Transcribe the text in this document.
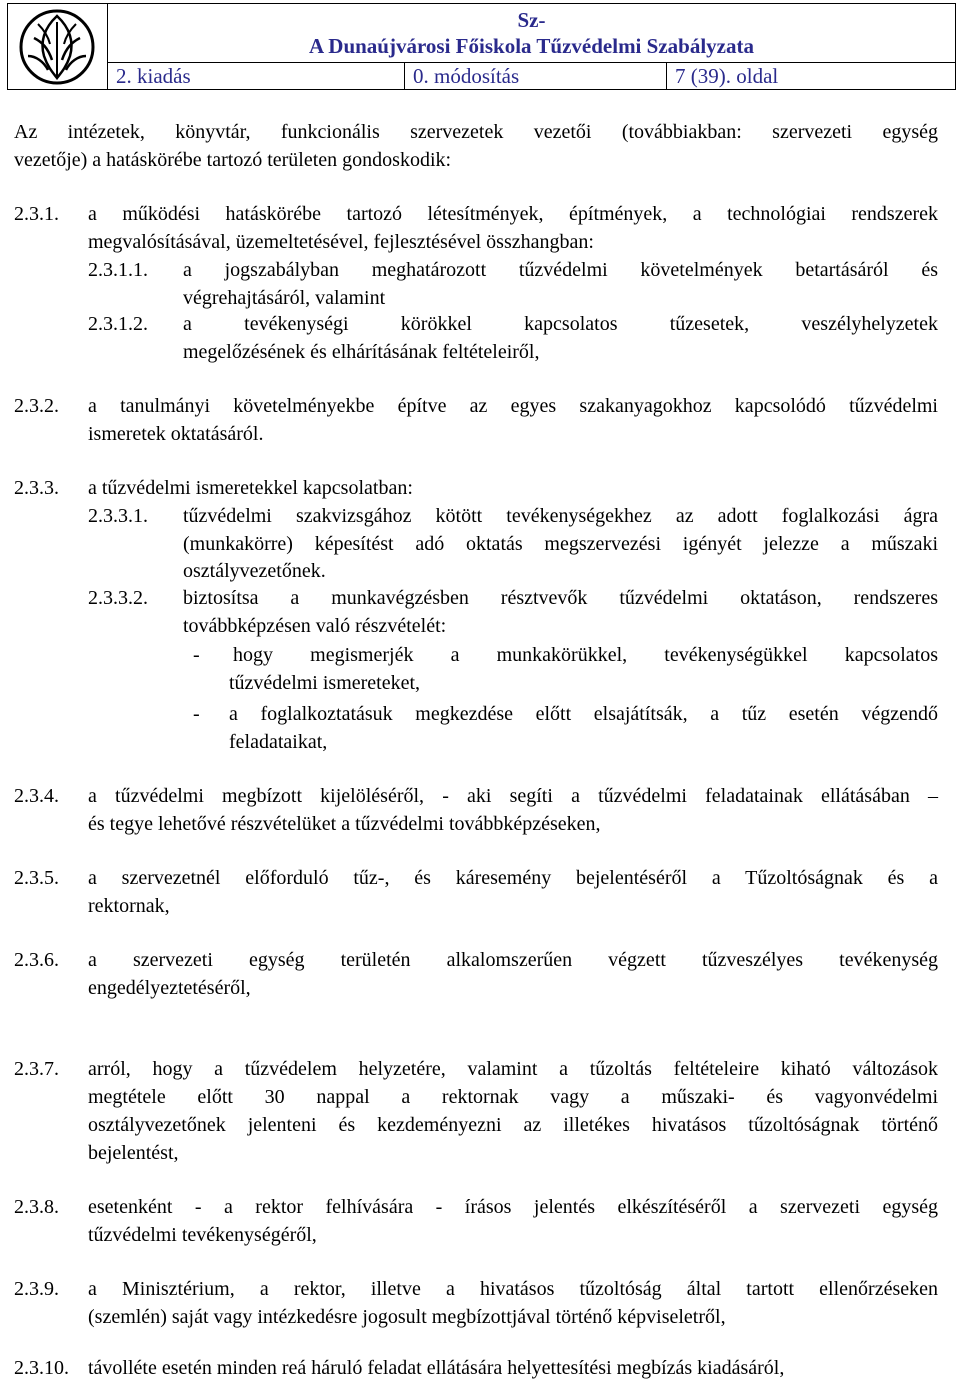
Sz-
A Dunaújvárosi Főiskola Tűzvédelmi Szabályzata
2. kiadás	0. módosítás	7 (39). oldal
Az intézetek, könyvtár, funkcionális szervezetek vezetői (továbbiakban: szervezeti egység
vezetője) a hatáskörébe tartozó területen gondoskodik:
2.3.1. a működési hatáskörébe tartozó létesítmények, építmények, a technológiai rendszerek
megvalósításával, üzemeltetésével, fejlesztésével összhangban:
2.3.1.1. a jogszabályban meghatározott tűzvédelmi követelmények betartásáról és
végrehajtásáról, valamint
2.3.1.2. a tevékenységi körökkel kapcsolatos tűzesetek, veszélyhelyzetek
megelőzésének és elhárításának feltételeiről,
2.3.2. a tanulmányi követelményekbe építve az egyes szakanyagokhoz kapcsolódó tűzvédelmi
ismeretek oktatásáról.
2.3.3. a tűzvédelmi ismeretekkel kapcsolatban:
2.3.3.1. tűzvédelmi szakvizsgához kötött tevékenységekhez az adott foglalkozási ágra
(munkakörre) képesítést adó oktatás megszervezési igényét jelezze a műszaki
osztályvezetőnek.
2.3.3.2. biztosítsa a munkavégzésben résztvevők tűzvédelmi oktatáson, rendszeres
továbbképzésen való részvételét:
- hogy megismerjék a munkakörükkel, tevékenységükkel kapcsolatos
tűzvédelmi ismereteket,
- a foglalkoztatásuk megkezdése előtt elsajátítsák, a tűz esetén végzendő
feladataikat,
2.3.4. a tűzvédelmi megbízott kijelöléséről, - aki segíti a tűzvédelmi feladatainak ellátásában –
és tegye lehetővé részvételüket a tűzvédelmi továbbképzéseken,
2.3.5. a szervezetnél előforduló tűz-, és káresemény bejelentéséről a Tűzoltóságnak és a
rektornak,
2.3.6. a szervezeti egység területén alkalomszerűen végzett tűzveszélyes tevékenység
engedélyeztetéséről,
2.3.7. arról, hogy a tűzvédelem helyzetére, valamint a tűzoltás feltételeire kiható változások
megtétele előtt 30 nappal a rektornak vagy a műszaki- és vagyonvédelmi
osztályvezetőnek jelenteni és kezdeményezni az illetékes hivatásos tűzoltóságnak történő
bejelentést,
2.3.8. esetenként - a rektor felhívására - írásos jelentés elkészítéséről a szervezeti egység
tűzvédelmi tevékenységéről,
2.3.9. a Minisztérium, a rektor, illetve a hivatásos tűzoltóság által tartott ellenőrzéseken
(szemlén) saját vagy intézkedésre jogosult megbízottjával történő képviseletről,
2.3.10. távolléte esetén minden reá háruló feladat ellátására helyettesítési megbízás kiadásáról,
